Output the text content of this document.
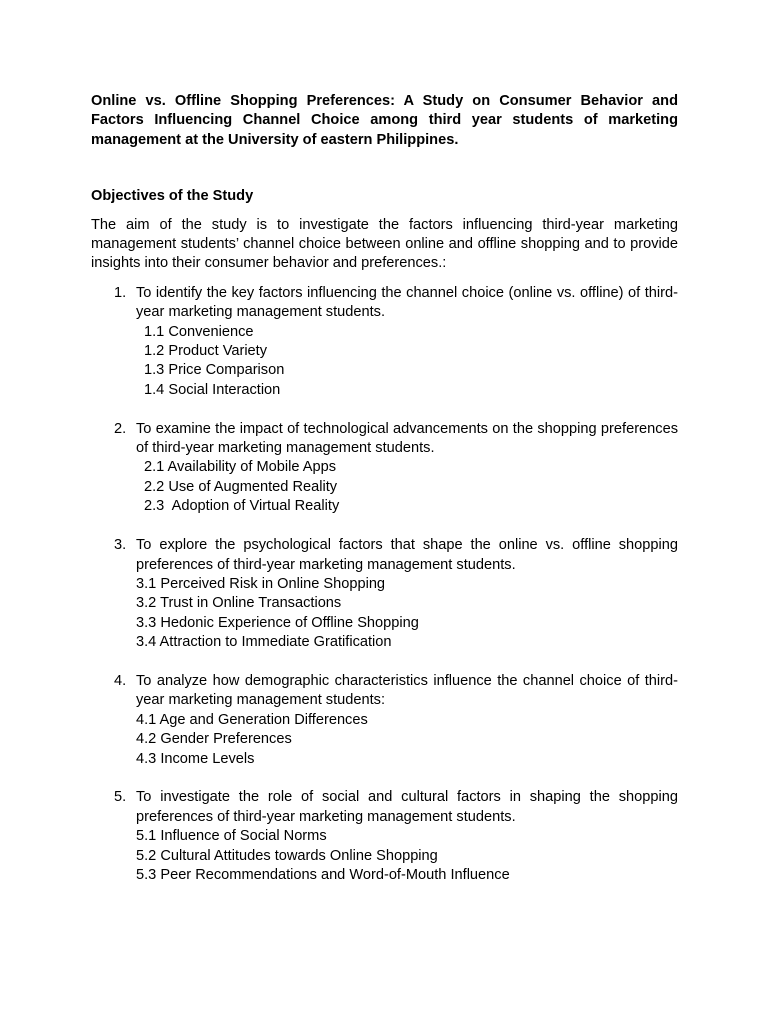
Online vs. Offline Shopping Preferences: A Study on Consumer Behavior and Factors Influencing Channel Choice among third year students of marketing management at the University of eastern Philippines.

Objectives of the Study

The aim of the study is to investigate the factors influencing third-year marketing management students’ channel choice between online and offline shopping and to provide insights into their consumer behavior and preferences.:

1. To identify the key factors influencing the channel choice (online vs. offline) of third-year marketing management students.
1.1 Convenience
1.2 Product Variety
1.3 Price Comparison
1.4 Social Interaction
2. To examine the impact of technological advancements on the shopping preferences of third-year marketing management students.
2.1 Availability of Mobile Apps
2.2 Use of Augmented Reality
2.3  Adoption of Virtual Reality
3. To explore the psychological factors that shape the online vs. offline shopping preferences of third-year marketing management students.
3.1 Perceived Risk in Online Shopping
3.2 Trust in Online Transactions
3.3 Hedonic Experience of Offline Shopping
3.4 Attraction to Immediate Gratification
4. To analyze how demographic characteristics influence the channel choice of third-year marketing management students:
4.1 Age and Generation Differences
4.2 Gender Preferences
4.3 Income Levels
5. To investigate the role of social and cultural factors in shaping the shopping preferences of third-year marketing management students.
5.1 Influence of Social Norms
5.2 Cultural Attitudes towards Online Shopping
5.3 Peer Recommendations and Word-of-Mouth Influence
